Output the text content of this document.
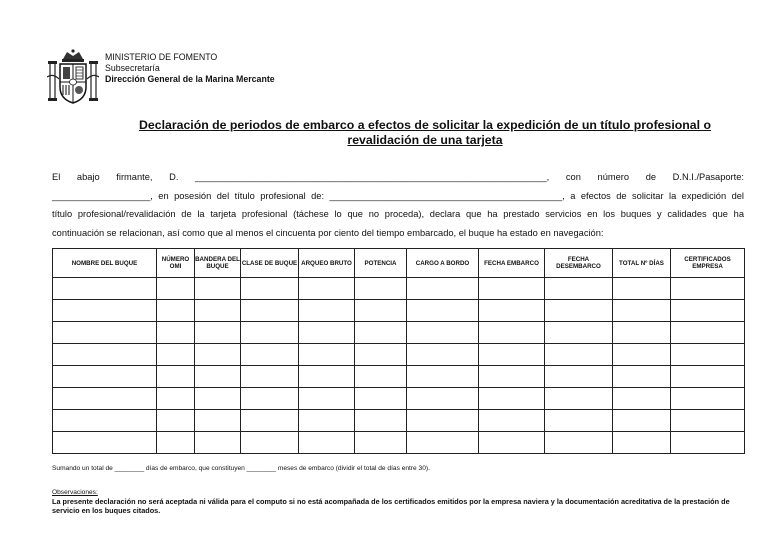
MINISTERIO DE FOMENTO
Subsecretaría
Dirección General de la Marina Mercante
Declaración de periodos de embarco a efectos de solicitar la expedición de un título profesional o
revalidación de una tarjeta
El abajo firmante, D. ____________________________________________________________________, con número de D.N.I./Pasaporte:
___________________, en posesión del título profesional de: _____________________________________________, a efectos de solicitar la expedición del
título profesional/revalidación de la tarjeta profesional (táchese lo que no proceda), declara que ha prestado servicios en los buques y calidades que ha
continuación se relacionan, así como que al menos el cincuenta por ciento del tiempo embarcado, el buque ha estado en navegación:
NOMBRE DEL BUQUE	NÚMERO OMI	BANDERA DEL BUQUE	CLASE DE BUQUE	ARQUEO BRUTO	POTENCIA	CARGO A BORDO	FECHA EMBARCO	FECHA DESEMBARCO	TOTAL Nº DÍAS	CERTIFICADOS EMPRESA

Sumando un total de ________ días de embarco, que constituyen ________ meses de embarco (dividir el total de días entre 30).
Observaciones:
La presente declaración no será aceptada ni válida para el computo si no está acompañada de los certificados emitidos por la empresa naviera y la documentación acreditativa de la prestación de servicio en los buques citados.
